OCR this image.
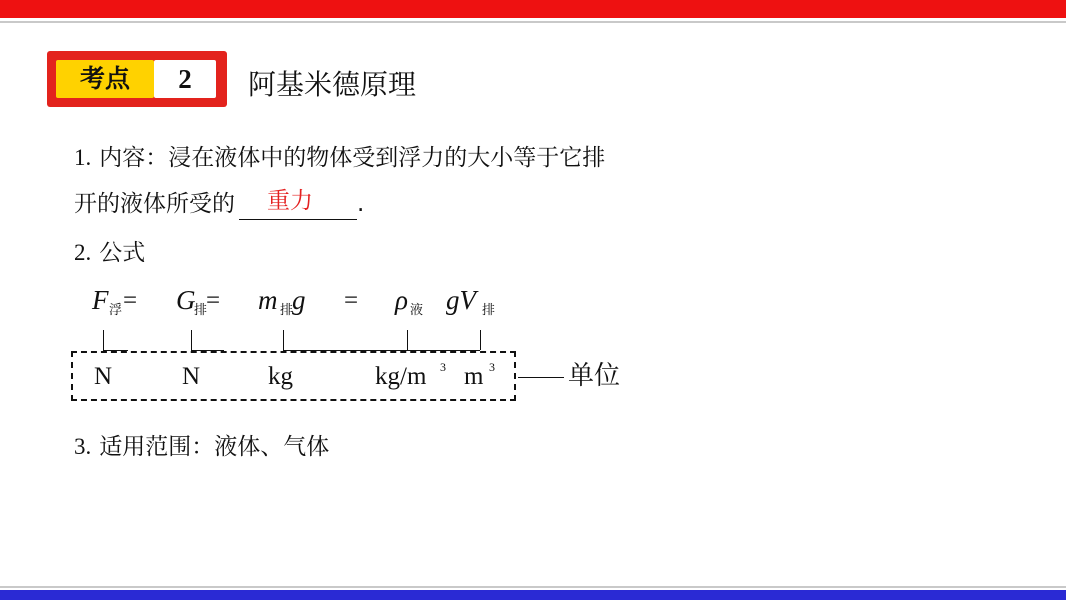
考点	2	阿基米德原理
1. 内容：浸在液体中的物体受到浮力的大小等于它排
开的液体所受的 重力 .
2. 公式
F 浮 = G
排
= m 排
g = ρ 液 gV 排
N	N	kg	kg/m 3 m 3	单位
3. 适用范围：液体、气体
